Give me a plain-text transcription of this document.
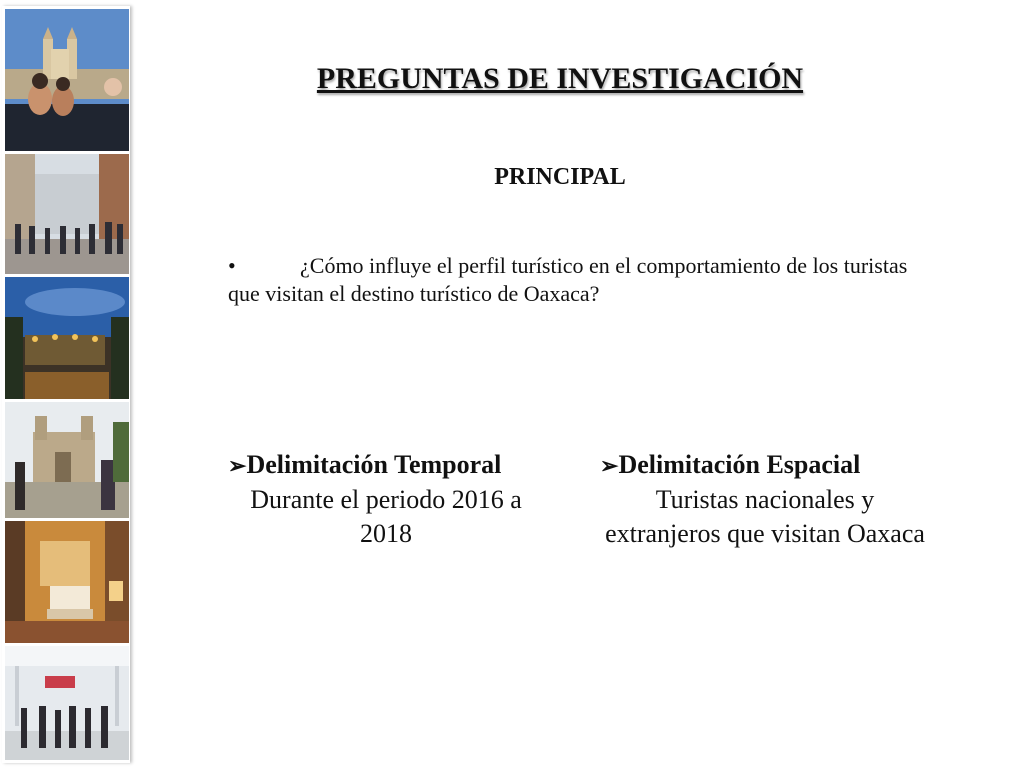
PREGUNTAS DE INVESTIGACIÓN
PRINCIPAL

•	¿Cómo influye el perfil turístico en el comportamiento de los turistas que visitan el destino turístico de Oaxaca?

➢Delimitación Temporal
Durante el periodo 2016 a 2018
➢Delimitación Espacial
Turistas nacionales y extranjeros que visitan Oaxaca
